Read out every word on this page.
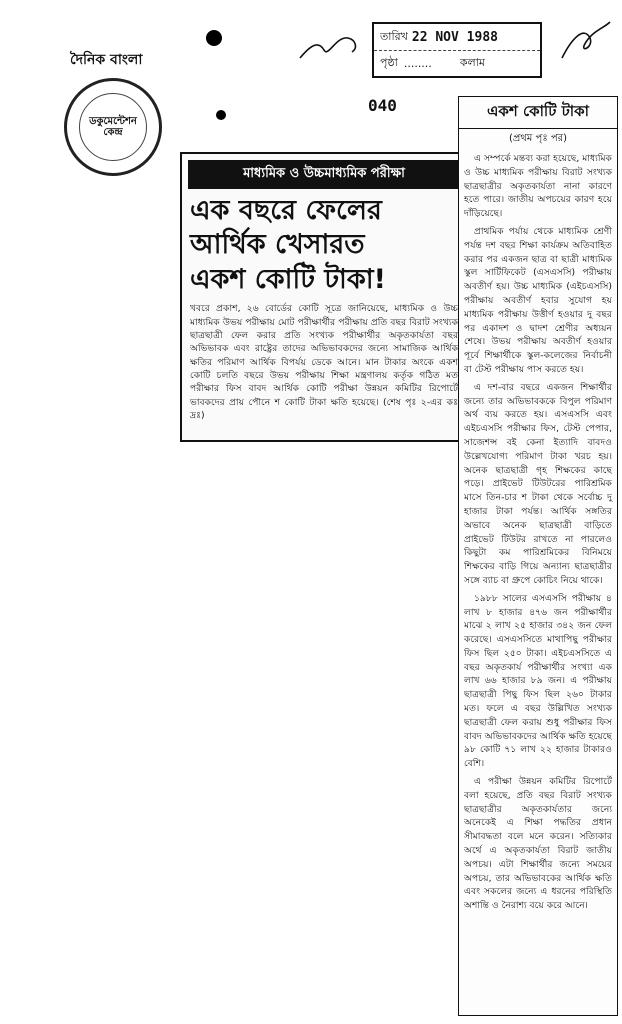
দৈনিক বাংলা
ডকুমেন্টেশন
কেন্দ্র
040
তারিখ 22 NOV 1988
পৃষ্ঠা ........	কলাম
মাধ্যমিক ও উচ্চমাধ্যমিক পরীক্ষা
এক বছরে ফেলের
আর্থিক খেসারত
একশ কোটি টাকা!
খবরে প্রকাশ, ২৬ বোর্ডের কোটি সূত্রে জানিয়েছে, মাধ্যমিক ও উচ্চ মাধ্যমিক উভয় পরীক্ষায় মোট পরীক্ষার্থীর পরীক্ষায় প্রতি বছর বিরাট সংখ্যক ছাত্রছাত্রী ফেল করার প্রতি সংখ্যক পরীক্ষার্থীর অকৃতকার্যতা বছর অভিভাবক এবং রাষ্ট্রের তাদের অভিভাবকদের জন্যে সামাজিক আর্থিক ক্ষতির পরিমাণ আর্থিক বিপর্যয় ডেকে আনে। মান টাকার অংকে একশ কোটি চলতি বছরে উভয় পরীক্ষায় শিক্ষা মন্ত্রণালয় কর্তৃক গঠিত মত পরীক্ষার ফিস বাবদ আর্থিক কোটি পরীক্ষা উন্নয়ন কমিটির রিপোর্টে ভাবকদের প্রায় পৌনে শ কোটি টাকা ক্ষতি হয়েছে। (শেষ পৃঃ ২-এর কঃ দ্রঃ)
একশ কোটি টাকা
(প্রথম পৃঃ পর)

এ সম্পর্কে মন্তব্য করা হয়েছে, মাধ্যমিক ও উচ্চ মাধ্যমিক পরীক্ষায় বিরাট সংখ্যক ছাত্রছাত্রীর অকৃতকার্যতা নানা কারণে হতে পারে। জাতীয় অপচয়ের কারণ হয়ে দাঁড়িয়েছে।

প্রাথমিক পর্যায় থেকে মাধ্যমিক শ্রেণী পর্যন্ত দশ বছর শিক্ষা কার্যক্রম অতিবাহিত করার পর একজন ছাত্র বা ছাত্রী মাধ্যমিক স্কুল সার্টিফিকেট (এসএসসি) পরীক্ষায় অবতীর্ণ হয়। উচ্চ মাধ্যমিক (এইচএসসি) পরীক্ষায় অবতীর্ণ হবার সুযোগ হয় মাধ্যমিক পরীক্ষায় উত্তীর্ণ হওয়ার দু বছর পর একাদশ ও দ্বাদশ শ্রেণীর অধ্যয়ন শেষে। উভয় পরীক্ষায় অবতীর্ণ হওয়ার পূর্বে শিক্ষার্থীকে স্কুল-কলেজের নির্বাচনী বা টেস্ট পরীক্ষায় পাস করতে হয়।

এ দশ-বার বছরে একজন শিক্ষার্থীর জন্যে তার অভিভাবককে বিপুল পরিমাণ অর্থ ব্যয় করতে হয়। এসএসসি এবং এইচএসসি পরীক্ষার ফিস, টেস্ট পেপার, সাজেশন্স বই কেনা ইত্যাদি বাবদও উল্লেখযোগ্য পরিমাণ টাকা খরচ হয়। অনেক ছাত্রছাত্রী গৃহ শিক্ষকের কাছে পড়ে। প্রাইভেট টিউটরের পারিশ্রমিক মাসে তিন-চার শ টাকা থেকে সর্বোচ্চ দু হাজার টাকা পর্যন্ত। আর্থিক সঙ্গতির অভাবে অনেক ছাত্রছাত্রী বাড়িতে প্রাইভেট টিউটর রাখতে না পারলেও কিছুটা কম পারিশ্রমিকের বিনিময়ে শিক্ষকের বাড়ি গিয়ে অন্যান্য ছাত্রছাত্রীর সঙ্গে ব্যাচ বা গ্রুপে কোচিং নিয়ে থাকে।

১৯৮৮ সালের এসএসসি পরীক্ষায় ৪ লাখ ৮ হাজার ৪৭৬ জন পরীক্ষার্থীর মাঝে ২ লাখ ২৫ হাজার ৩৪২ জন ফেল করেছে। এসএসসিতে মাথাপিছু পরীক্ষার ফিস ছিল ২৫০ টাকা। এইচএসসিতে এ বছর অকৃতকার্য পরীক্ষার্থীর সংখ্যা এক লাখ ৬৬ হাজার ৮৯ জন। এ পরীক্ষায় ছাত্রছাত্রী পিছু ফিস ছিল ২৬০ টাকার মত। ফলে এ বছর উল্লিখিত সংখ্যক ছাত্রছাত্রী ফেল করায় শুধু পরীক্ষার ফিস বাবদ অভিভাবকদের আর্থিক ক্ষতি হয়েছে ৯৮ কোটি ৭১ লাখ ২২ হাজার টাকারও বেশি।

এ পরীক্ষা উন্নয়ন কমিটির রিপোর্টে বলা হয়েছে, প্রতি বছর বিরাট সংখ্যক ছাত্রছাত্রীর অকৃতকার্যতার জন্যে অনেকেই এ শিক্ষা পদ্ধতির প্রধান সীমাবদ্ধতা বলে মনে করেন। সত্যিকার অর্থে এ অকৃতকার্যতা বিরাট জাতীয় অপচয়। এটা শিক্ষার্থীর জন্যে সময়ের অপচয়, তার অভিভাবকের আর্থিক ক্ষতি এবং সকলের জন্যে এ ধরনের পরিস্থিতি অশান্তি ও নৈরাশ্য বয়ে করে আনে।
